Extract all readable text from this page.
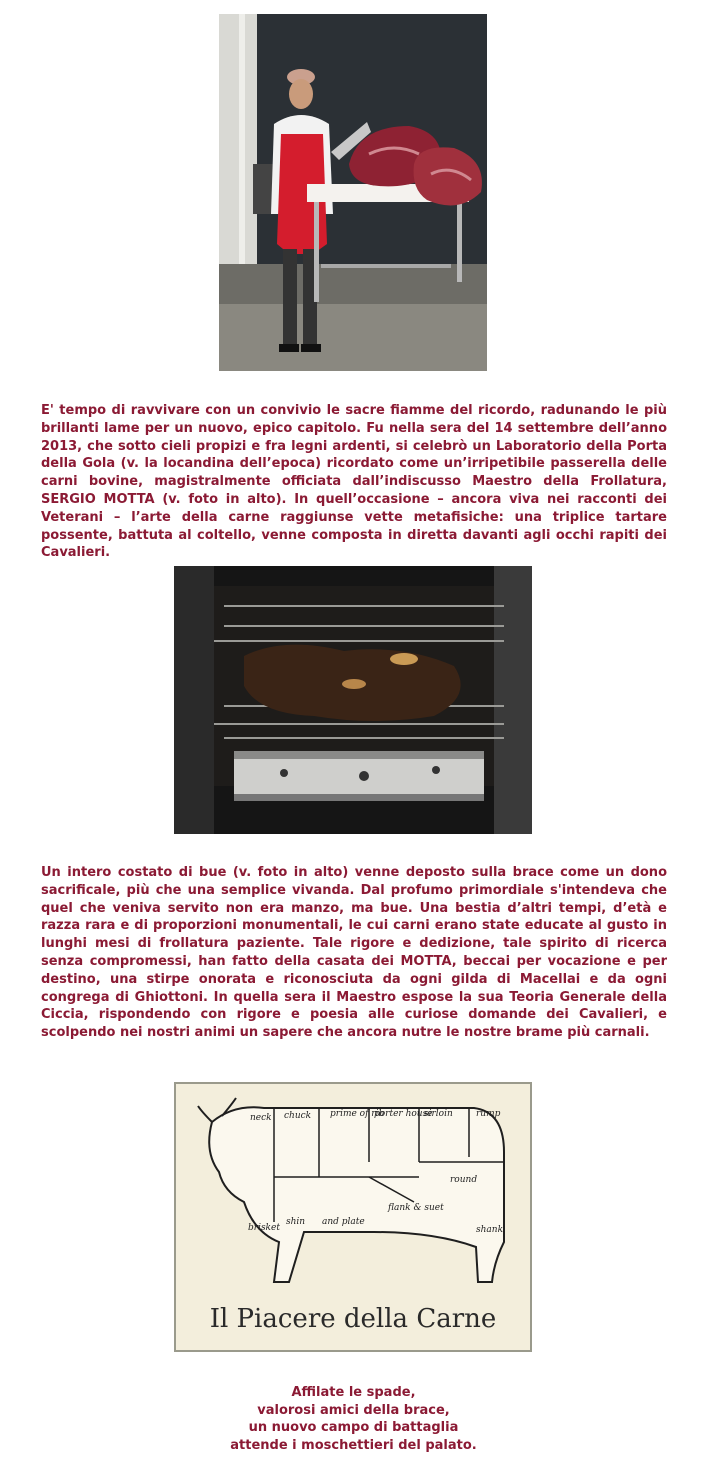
E' tempo di ravvivare con un convivio le sacre fiamme del ricordo, radunando le più brillanti lame per un nuovo, epico capitolo. Fu nella sera del 14 settembre dell’anno 2013, che sotto cieli propizi e fra legni ardenti, si celebrò un Laboratorio della Porta della Gola (v. la locandina dell’epoca) ricordato come un’irripetibile passerella delle carni bovine, magistralmente officiata dall’indiscusso Maestro della Frollatura, SERGIO MOTTA (v. foto in alto). In quell’occasione – ancora viva nei racconti dei Veterani – l’arte della carne raggiunse vette metafisiche: una triplice tartare possente, battuta al coltello, venne composta in diretta davanti agli occhi rapiti dei Cavalieri.

Un intero costato di bue (v. foto in alto) venne deposto sulla brace come un dono sacrificale, più che una semplice vivanda. Dal profumo primordiale s'intendeva che quel che veniva servito non era manzo, ma bue. Una bestia d’altri tempi, d’età e razza rara e di proporzioni monumentali, le cui carni erano state educate al gusto in lunghi mesi di frollatura paziente. Tale rigore e dedizione, tale spirito di ricerca senza compromessi, han fatto della casata dei MOTTA, beccai per vocazione e per destino, una stirpe onorata e riconosciuta da ogni gilda di Macellai e da ogni congrega di Ghiottoni. In quella sera il Maestro espose la sua Teoria Generale della Ciccia, rispondendo con rigore e poesia alle curiose domande dei Cavalieri, e scolpendo nei nostri animi un sapere che ancora nutre le nostre brame più carnali.

neck chuck prime of rib
porter house
sirloin	rump
round
flank & suet
brisket
shin and plate
shank
Il Piacere della Carne

Affilate le spade,
valorosi amici della brace,
un nuovo campo di battaglia
attende i moschettieri del palato.
